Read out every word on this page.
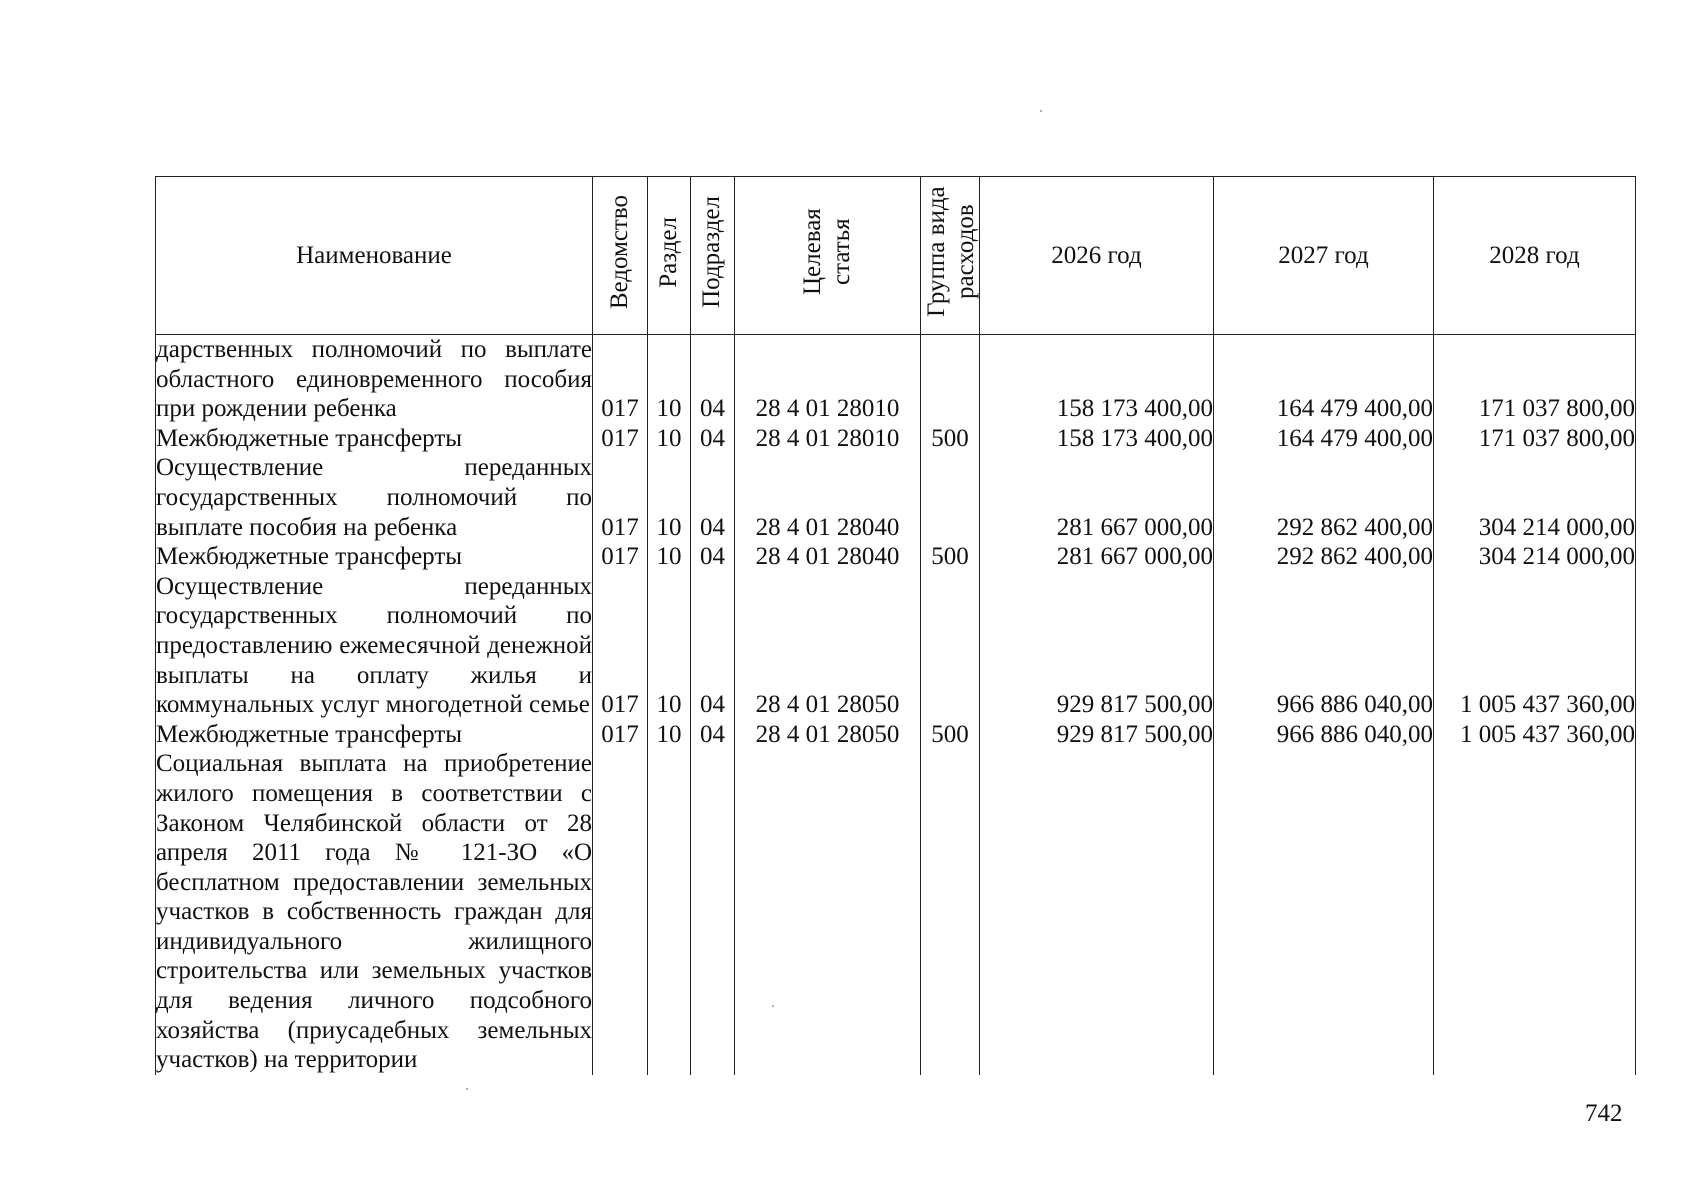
Наименование	Ведомство	Раздел	Подраздел	Целевая статья	Группа вида расходов	2026 год	2027 год	2028 год
дарственных полномочий по выплате областного единовременного пособия при рождении ребенка	017	10	04	28 4 01 28010		158 173 400,00	164 479 400,00	171 037 800,00
Межбюджетные трансферты	017	10	04	28 4 01 28010	500	158 173 400,00	164 479 400,00	171 037 800,00
Осуществление переданных государственных полномочий по выплате пособия на ребенка	017	10	04	28 4 01 28040		281 667 000,00	292 862 400,00	304 214 000,00
Межбюджетные трансферты	017	10	04	28 4 01 28040	500	281 667 000,00	292 862 400,00	304 214 000,00
Осуществление переданных государственных полномочий по предоставлению ежемесячной денежной выплаты на оплату жилья и коммунальных услуг многодетной семье	017	10	04	28 4 01 28050		929 817 500,00	966 886 040,00	1 005 437 360,00
Межбюджетные трансферты	017	10	04	28 4 01 28050	500	929 817 500,00	966 886 040,00	1 005 437 360,00
Социальная выплата на приобретение жилого помещения в соответствии с Законом Челябинской области от 28 апреля 2011 года № 121-ЗО «О бесплатном предоставлении земельных участков в собственность граждан для индивидуального жилищного строительства или земельных участков для ведения личного подсобного хозяйства (приусадебных земельных участков) на территории								
742
